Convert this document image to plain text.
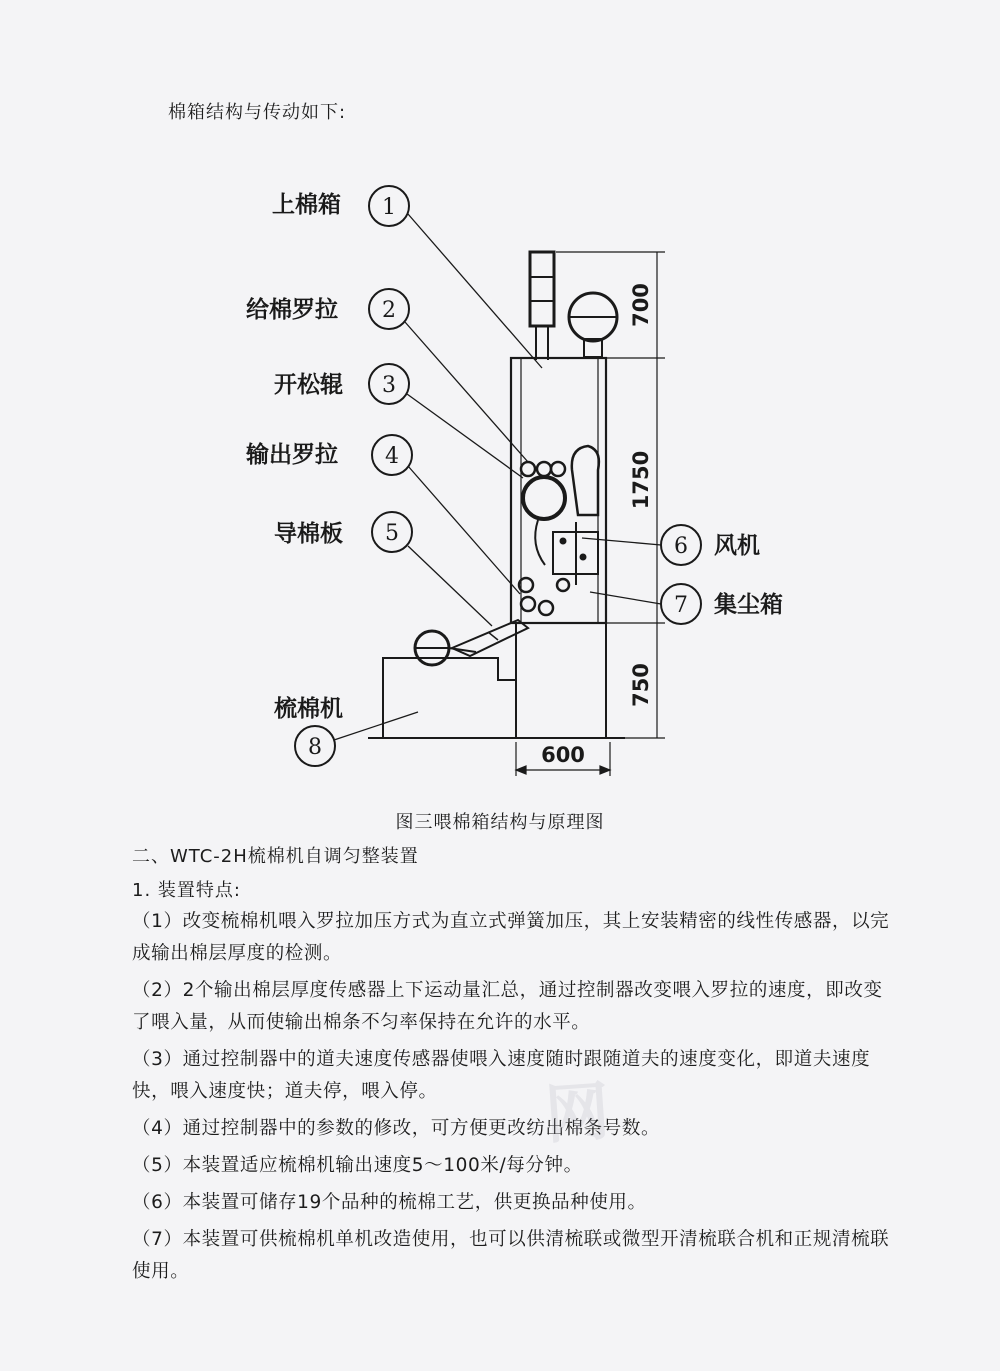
棉箱结构与传动如下:
上棉箱
给棉罗拉
开松辊
输出罗拉
导棉板
梳棉机
风机
集尘箱
1
2
3
4
5
6
7
8
700
1750
750
600
图三喂棉箱结构与原理图
二、WTC-2H梳棉机自调匀整装置
1. 装置特点:
（1）改变梳棉机喂入罗拉加压方式为直立式弹簧加压，其上安装精密的线性传感器，以完成输出棉层厚度的检测。
（2）2个输出棉层厚度传感器上下运动量汇总，通过控制器改变喂入罗拉的速度，即改变了喂入量，从而使输出棉条不匀率保持在允许的水平。
（3）通过控制器中的道夫速度传感器使喂入速度随时跟随道夫的速度变化，即道夫速度快，喂入速度快；道夫停，喂入停。
（4）通过控制器中的参数的修改，可方便更改纺出棉条号数。
（5）本装置适应梳棉机输出速度5～100米/每分钟。
（6）本装置可储存19个品种的梳棉工艺，供更换品种使用。
（7）本装置可供梳棉机单机改造使用，也可以供清梳联或微型开清梳联合机和正规清梳联使用。
网
